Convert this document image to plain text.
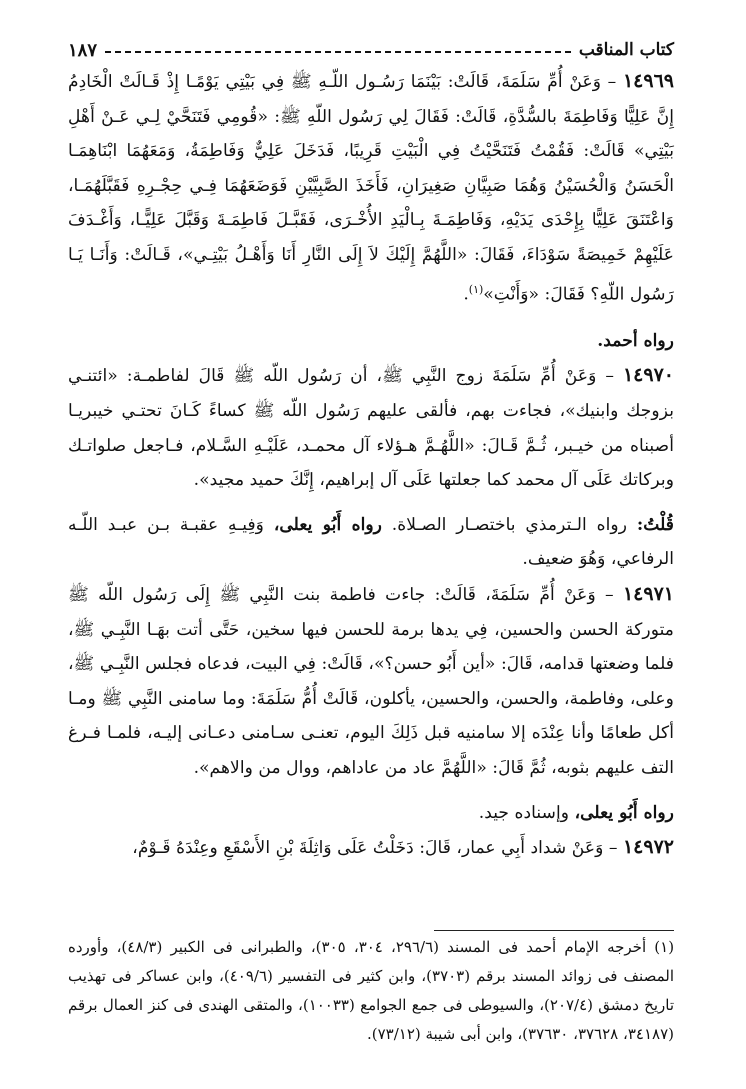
كتاب المناقب
١٨٧

١٤٩٦٩ – وَعَنْ أُمِّ سَلَمَةَ، قَالَتْ: بَيْنَمَا رَسُـول اللّـهِ ﷺ فِي بَيْتِي يَوْمًـا إِذْ قَـالَتْ الْخَادِمُ إِنَّ عَلِيًّا وَفَاطِمَةَ بالسُّدَّةِ، قَالَتْ: فَقَالَ لِي رَسُول اللّهِ ﷺ: «قُومِي فَتَنَحَّيْ لِـي عَـنْ أَهْلِ بَيْتِي» قَالَتْ: فَقُمْتُ فَتَنَحَّيْتُ فِي الْبَيْتِ قَرِيبًا، فَدَخَلَ عَلِيٌّ وَفَاطِمَةُ، وَمَعَهُمَا ابْنَاهِمَـا الْحَسَنُ وَالْحُسَيْنُ وَهُمَا صَبِيَّانِ صَغِيرَانِ، فَأَخَذَ الصَّبِيَّيْنِ فَوَضَعَهُمَا فِـي حِجْـرِهِ فَقَبَّلَهُمَـا، وَاعْتَنَقَ عَلِيًّا بِإِحْدَى يَدَيْهِ، وَفَاطِمَـةَ بِـالْيَدِ الأُخْـرَى، فَقَبَّـلَ فَاطِمَـةَ وَقَبَّلَ عَلِيًّـا، وَأَغْـدَفَ عَلَيْهِمْ خَمِيصَةً سَوْدَاءَ، فَقَالَ: «اللَّهُمَّ إِلَيْكَ لاَ إِلَى النَّارِ أَنَا وَأَهْـلُ بَيْتِـي»، قَـالَتْ: وَأَنَـا يَـا رَسُول اللّهِ؟ فَقَالَ: «وَأَنْتِ»$^{(١)}$.

رواه أحمد.

١٤٩٧٠ – وَعَنْ أُمِّ سَلَمَةَ زوج النَّبِي ﷺ، أن رَسُول اللّه ﷺ قَالَ لفاطمـة: «ائتنـي بزوجك وابنيك»، فجاءت بهم، فألقى عليهم رَسُول اللّه ﷺ كساءً كَـانَ تحتـي خيبريـا أصبناه من خيـبر، ثُـمَّ قَـالَ: «اللَّهُـمَّ هـؤلاء آل محمـد، عَلَيْـهِ السَّـلام، فـاجعل صلواتـك وبركاتك عَلَى آل محمد كما جعلتها عَلَى آل إبراهيم، إِنَّكَ حميد مجيد».

قُلْتُ: رواه الـترمذي باختصـار الصـلاة. رواه أَبُو يعلى، وَفِيـهِ عقبـة بـن عبـد اللّـه الرفاعي، وَهُوَ ضعيف.

١٤٩٧١ – وَعَنْ أُمِّ سَلَمَةَ، قَالَتْ: جاءت فاطمة بنت النَّبِي ﷺ إِلَى رَسُول اللّه ﷺ متوركة الحسن والحسين، فِي يدها برمة للحسن فيها سخين، حَتَّى أتت بهَـا النَّبِـي ﷺ، فلما وضعتها قدامه، قَالَ: «أين أَبُو حسن؟»، قَالَتْ: فِي البيت، فدعاه فجلس النَّبِـي ﷺ، وعلى، وفاطمة، والحسن، والحسين، يأكلون، قَالَتْ أُمُّ سَلَمَةَ: وما سامنى النَّبِي ﷺ ومـا أكل طعامًا وأنا عِنْدَه إلا سامنيه قبل ذَلِكَ اليوم، تعنـى سـامنى دعـانى إليـه، فلمـا فـرغ التف عليهم بثوبه، ثُمَّ قَالَ: «اللَّهُمَّ عاد من عاداهم، ووال من والاهم».

رواه أَبُو يعلى، وإسناده جيد.

١٤٩٧٢ – وَعَنْ شداد أَبِي عمار، قَالَ: دَخَلْتُ عَلَى وَاثِلَةَ بْنِ الأَسْقَعِ وعِنْدَهُ قَـوْمٌ،

(١) أخرجه الإمام أحمد فى المسند (٢٩٦/٦، ٣٠٤، ٣٠٥)، والطبرانى فى الكبير (٤٨/٣)، وأورده المصنف فى زوائد المسند برقم (٣٧٠٣)، وابن كثير فى التفسير (٤٠٩/٦)، وابن عساكر فى تهذيب تاريخ دمشق (٢٠٧/٤)، والسيوطى فى جمع الجوامع (١٠٠٣٣)، والمتقى الهندى فى كنز العمال برقم (٣٤١٨٧، ٣٧٦٢٨، ٣٧٦٣٠)، وابن أبى شيبة (٧٣/١٢).
